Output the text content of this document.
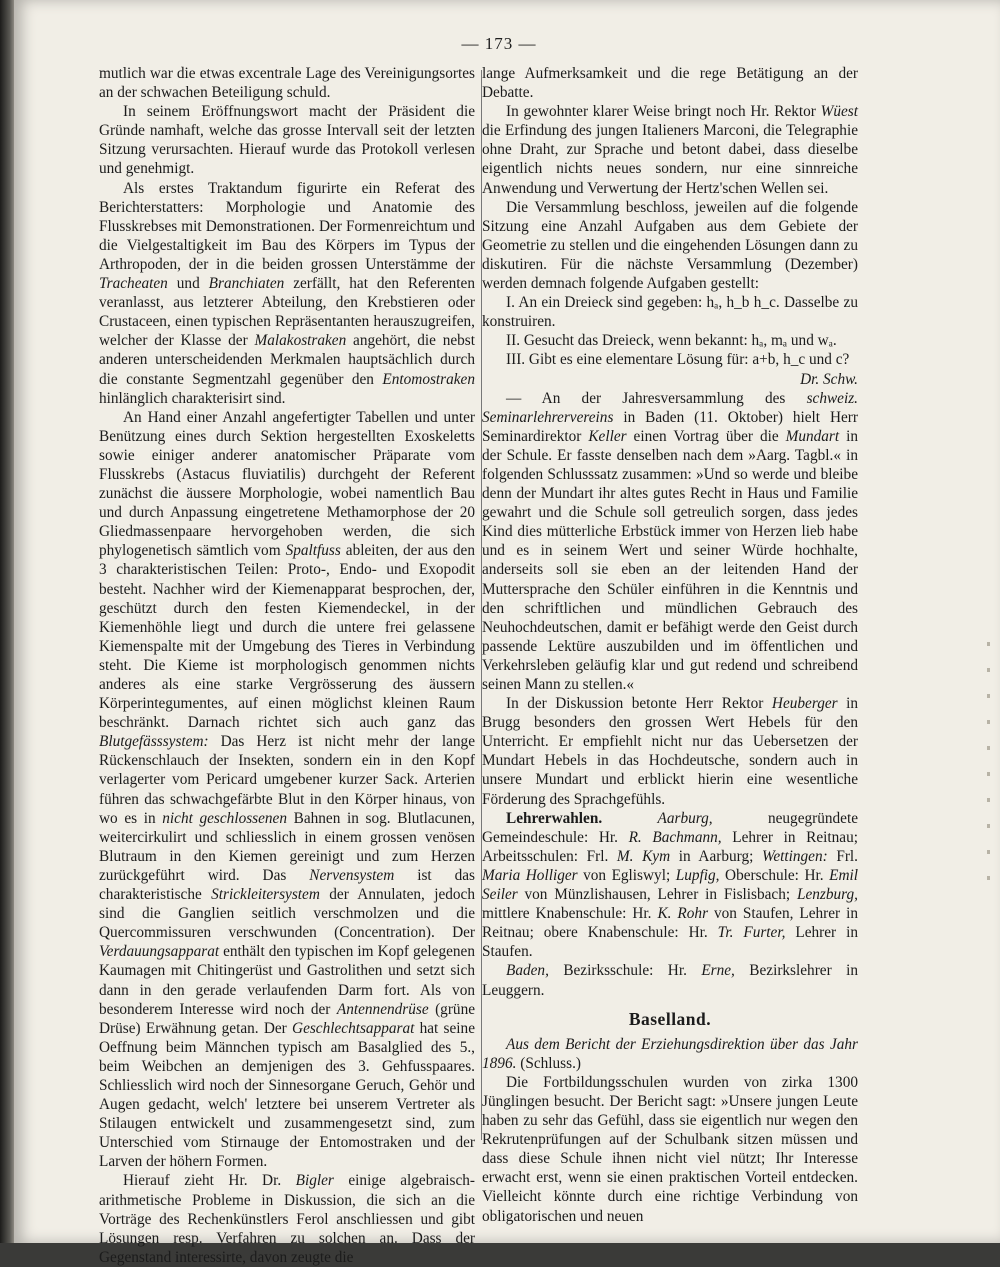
— 173 —

mutlich war die etwas excentrale Lage des Vereinigungsortes an der schwachen Beteiligung schuld.

In seinem Eröffnungswort macht der Präsident die Gründe namhaft, welche das grosse Intervall seit der letzten Sitzung verursachten. Hierauf wurde das Protokoll verlesen und genehmigt.

Als erstes Traktandum figurirte ein Referat des Berichterstatters: Morphologie und Anatomie des Flusskrebses mit Demonstrationen. Der Formenreichtum und die Vielgestaltigkeit im Bau des Körpers im Typus der Arthropoden, der in die beiden grossen Unterstämme der Tracheaten und Branchiaten zerfällt, hat den Referenten veranlasst, aus letzterer Abteilung, den Krebstieren oder Crustaceen, einen typischen Repräsentanten herauszugreifen, welcher der Klasse der Malakostraken angehört, die nebst anderen unterscheidenden Merkmalen hauptsächlich durch die constante Segmentzahl gegenüber den Entomostraken hinlänglich charakterisirt sind.

An Hand einer Anzahl angefertigter Tabellen und unter Benützung eines durch Sektion hergestellten Exoskeletts sowie einiger anderer anatomischer Präparate vom Flusskrebs (Astacus fluviatilis) durchgeht der Referent zunächst die äussere Morphologie, wobei namentlich Bau und durch Anpassung eingetretene Methamorphose der 20 Gliedmassenpaare hervorgehoben werden, die sich phylogenetisch sämtlich vom Spaltfuss ableiten, der aus den 3 charakteristischen Teilen: Proto-, Endo- und Exopodit besteht. Nachher wird der Kiemenapparat besprochen, der, geschützt durch den festen Kiemendeckel, in der Kiemenhöhle liegt und durch die untere frei gelassene Kiemenspalte mit der Umgebung des Tieres in Verbindung steht. Die Kieme ist morphologisch genommen nichts anderes als eine starke Vergrösserung des äussern Körperintegumentes, auf einen möglichst kleinen Raum beschränkt. Darnach richtet sich auch ganz das Blutgefässsystem: Das Herz ist nicht mehr der lange Rückenschlauch der Insekten, sondern ein in den Kopf verlagerter vom Pericard umgebener kurzer Sack. Arterien führen das schwachgefärbte Blut in den Körper hinaus, von wo es in nicht geschlossenen Bahnen in sog. Blutlacunen, weitercirkulirt und schliesslich in einem grossen venösen Blutraum in den Kiemen gereinigt und zum Herzen zurückgeführt wird. Das Nervensystem ist das charakteristische Strickleitersystem der Annulaten, jedoch sind die Ganglien seitlich verschmolzen und die Quercommissuren verschwunden (Concentration). Der Verdauungsapparat enthält den typischen im Kopf gelegenen Kaumagen mit Chitingerüst und Gastrolithen und setzt sich dann in den gerade verlaufenden Darm fort. Als von besonderem Interesse wird noch der Antennendrüse (grüne Drüse) Erwähnung getan. Der Geschlechtsapparat hat seine Oeffnung beim Männchen typisch am Basalglied des 5., beim Weibchen an demjenigen des 3. Gehfusspaares. Schliesslich wird noch der Sinnesorgane Geruch, Gehör und Augen gedacht, welch' letztere bei unserem Vertreter als Stilaugen entwickelt und zusammengesetzt sind, zum Unterschied vom Stirnauge der Entomostraken und der Larven der höhern Formen.

Hierauf zieht Hr. Dr. Bigler einige algebraisch-arithmetische Probleme in Diskussion, die sich an die Vorträge des Rechenkünstlers Ferol anschliessen und gibt Lösungen resp. Verfahren zu solchen an. Dass der Gegenstand interessirte, davon zeugte die

lange Aufmerksamkeit und die rege Betätigung an der Debatte.

In gewohnter klarer Weise bringt noch Hr. Rektor Wüest die Erfindung des jungen Italieners Marconi, die Telegraphie ohne Draht, zur Sprache und betont dabei, dass dieselbe eigentlich nichts neues sondern, nur eine sinnreiche Anwendung und Verwertung der Hertz'schen Wellen sei.

Die Versammlung beschloss, jeweilen auf die folgende Sitzung eine Anzahl Aufgaben aus dem Gebiete der Geometrie zu stellen und die eingehenden Lösungen dann zu diskutiren. Für die nächste Versammlung (Dezember) werden demnach folgende Aufgaben gestellt:

I. An ein Dreieck sind gegeben: hₐ, h_b h_c. Dasselbe zu konstruiren.

II. Gesucht das Dreieck, wenn bekannt: hₐ, mₐ und wₐ.

III. Gibt es eine elementare Lösung für: a+b, h_c und c?
Dr. Schw.

— An der Jahresversammlung des schweiz. Seminarlehrervereins in Baden (11. Oktober) hielt Herr Seminardirektor Keller einen Vortrag über die Mundart in der Schule. Er fasste denselben nach dem »Aarg. Tagbl.« in folgenden Schlusssatz zusammen: »Und so werde und bleibe denn der Mundart ihr altes gutes Recht in Haus und Familie gewahrt und die Schule soll getreulich sorgen, dass jedes Kind dies mütterliche Erbstück immer von Herzen lieb habe und es in seinem Wert und seiner Würde hochhalte, anderseits soll sie eben an der leitenden Hand der Muttersprache den Schüler einführen in die Kenntnis und den schriftlichen und mündlichen Gebrauch des Neuhochdeutschen, damit er befähigt werde den Geist durch passende Lektüre auszubilden und im öffentlichen und Verkehrsleben geläufig klar und gut redend und schreibend seinen Mann zu stellen.«

In der Diskussion betonte Herr Rektor Heuberger in Brugg besonders den grossen Wert Hebels für den Unterricht. Er empfiehlt nicht nur das Uebersetzen der Mundart Hebels in das Hochdeutsche, sondern auch in unsere Mundart und erblickt hierin eine wesentliche Förderung des Sprachgefühls.

Lehrerwahlen.	Aarburg, neugegründete Gemeindeschule: Hr. R. Bachmann, Lehrer in Reitnau; Arbeitsschulen: Frl. M. Kym in Aarburg; Wettingen: Frl. Maria Holliger von Egliswyl; Lupfig, Oberschule: Hr. Emil Seiler von Münzlishausen, Lehrer in Fislisbach; Lenzburg, mittlere Knabenschule: Hr. K. Rohr von Staufen, Lehrer in Reitnau; obere Knabenschule: Hr. Tr. Furter, Lehrer in Staufen.

Baden, Bezirksschule: Hr. Erne, Bezirkslehrer in Leuggern.

Baselland.

Aus dem Bericht der Erziehungsdirektion über das Jahr 1896. (Schluss.)

Die Fortbildungsschulen wurden von zirka 1300 Jünglingen besucht. Der Bericht sagt: »Unsere jungen Leute haben zu sehr das Gefühl, dass sie eigentlich nur wegen den Rekrutenprüfungen auf der Schulbank sitzen müssen und dass diese Schule ihnen nicht viel nützt; Ihr Interesse erwacht erst, wenn sie einen praktischen Vorteil entdecken. Vielleicht könnte durch eine richtige Verbindung von obligatorischen und neuen
